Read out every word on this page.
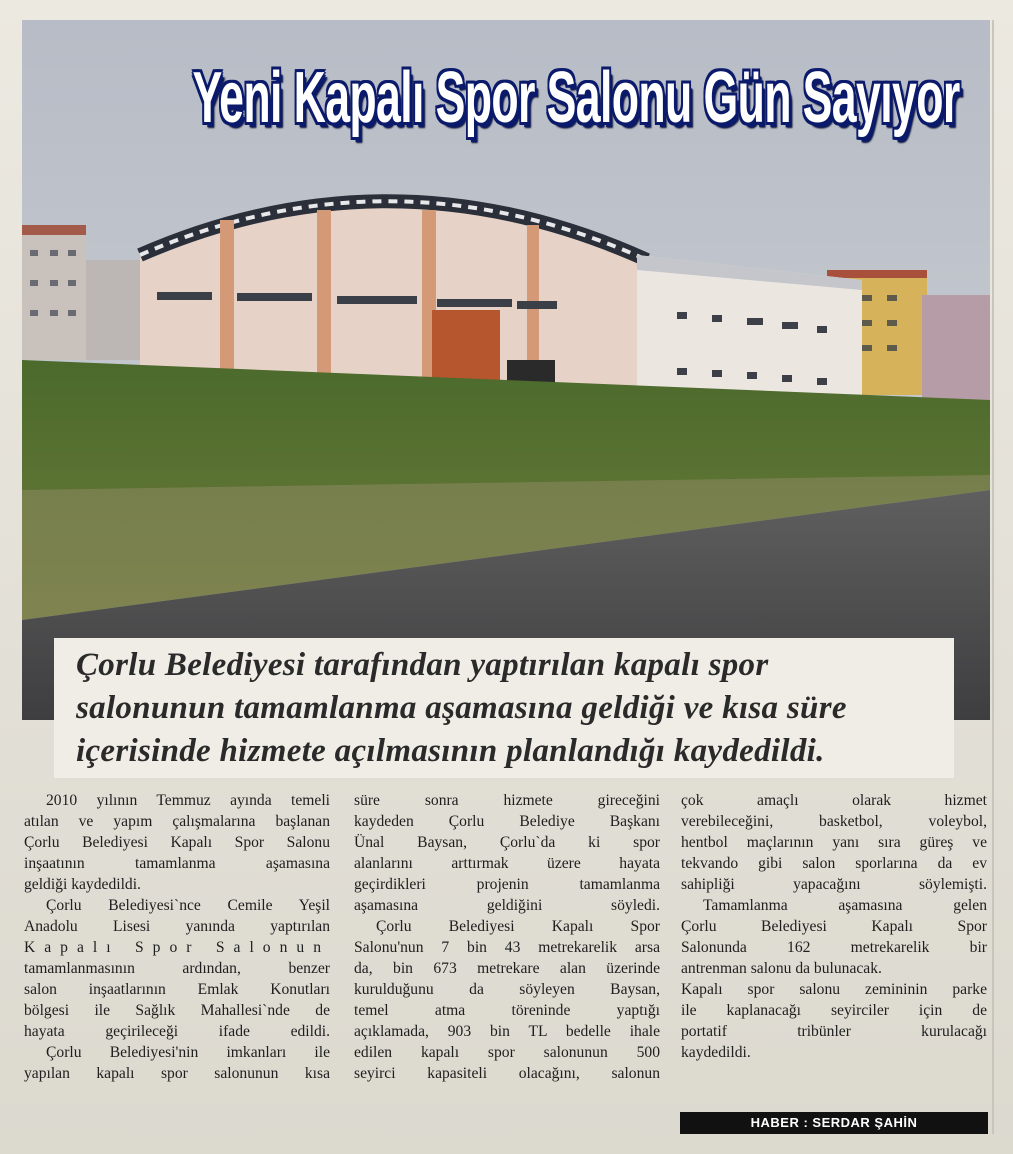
Yeni Kapalı Spor Salonu Gün Sayıyor
Çorlu Belediyesi tarafından yaptırılan kapalı spor
salonunun tamamlanma aşamasına geldiği ve kısa süre
içerisinde hizmete açılmasının planlandığı kaydedildi.
2010 yılının Temmuz ayında temeli
atılan ve yapım çalışmalarına başlanan
Çorlu Belediyesi Kapalı Spor Salonu
inşaatının tamamlanma aşamasına
geldiği kaydedildi.
Çorlu Belediyesi`nce Cemile Yeşil
Anadolu Lisesi yanında yaptırılan
Kapalı Spor Salonun
tamamlanmasının ardından, benzer
salon inşaatlarının Emlak Konutları
bölgesi ile Sağlık Mahallesi`nde de
hayata geçirileceği ifade edildi.
Çorlu Belediyesi'nin imkanları ile
yapılan kapalı spor salonunun kısa
süre sonra hizmete gireceğini
kaydeden Çorlu Belediye Başkanı
Ünal Baysan, Çorlu`da ki spor
alanlarını arttırmak üzere hayata
geçirdikleri projenin tamamlanma
aşamasına geldiğini söyledi.
Çorlu Belediyesi Kapalı Spor
Salonu'nun 7 bin 43 metrekarelik arsa
da, bin 673 metrekare alan üzerinde
kurulduğunu da söyleyen Baysan,
temel atma töreninde yaptığı
açıklamada, 903 bin TL bedelle ihale
edilen kapalı spor salonunun 500
seyirci kapasiteli olacağını, salonun
çok amaçlı olarak hizmet
verebileceğini, basketbol, voleybol,
hentbol maçlarının yanı sıra güreş ve
tekvando gibi salon sporlarına da ev
sahipliği yapacağını söylemişti.
Tamamlanma aşamasına gelen
Çorlu Belediyesi Kapalı Spor
Salonunda 162 metrekarelik bir
antrenman salonu da bulunacak.
Kapalı spor salonu zemininin parke
ile kaplanacağı seyirciler için de
portatif tribünler kurulacağı
kaydedildi.
HABER : SERDAR ŞAHİN
